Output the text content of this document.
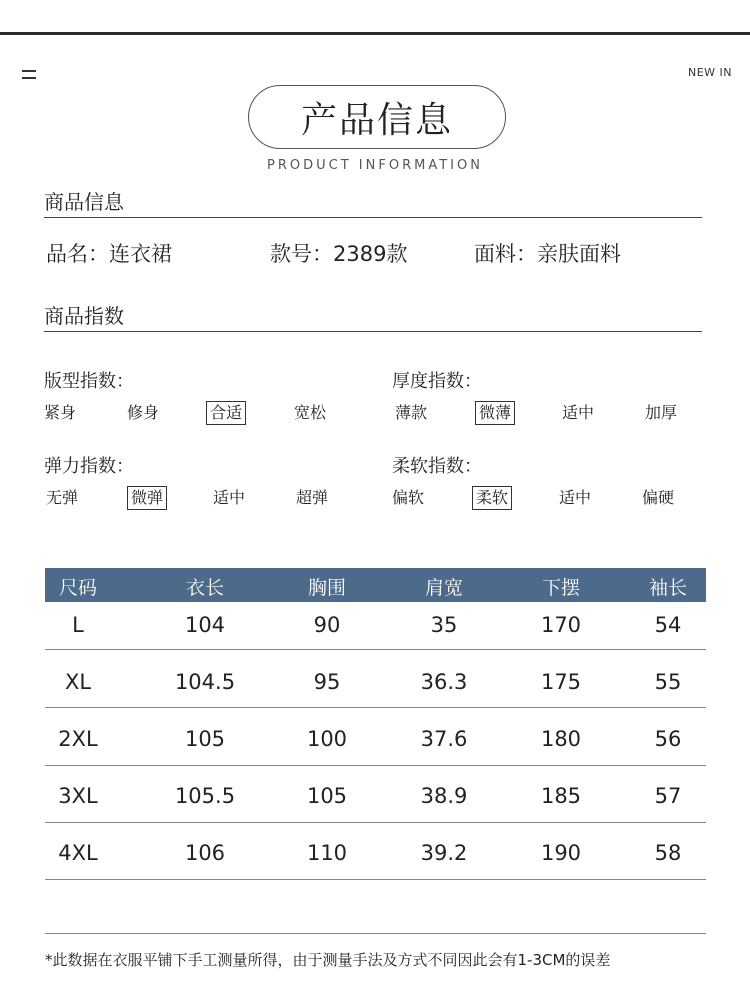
NEW IN
产品信息
PRODUCT INFORMATION
商品信息
品名：连衣裙	款号：2389款	面料：亲肤面料
商品指数
版型指数：	厚度指数：
弹力指数：	柔软指数：
紧身	修身	合适	宽松	薄款	微薄	适中	加厚
无弹	微弹	适中	超弹	偏软	柔软	适中	偏硬
尺码	衣长	胸围	肩宽	下摆	袖长
L	104	90	35	170	54
XL	104.5	95	36.3	175	55
2XL	105	100	37.6	180	56
3XL	105.5	105	38.9	185	57
4XL	106	110	39.2	190	58
*此数据在衣服平铺下手工测量所得，由于测量手法及方式不同因此会有1-3CM的误差
